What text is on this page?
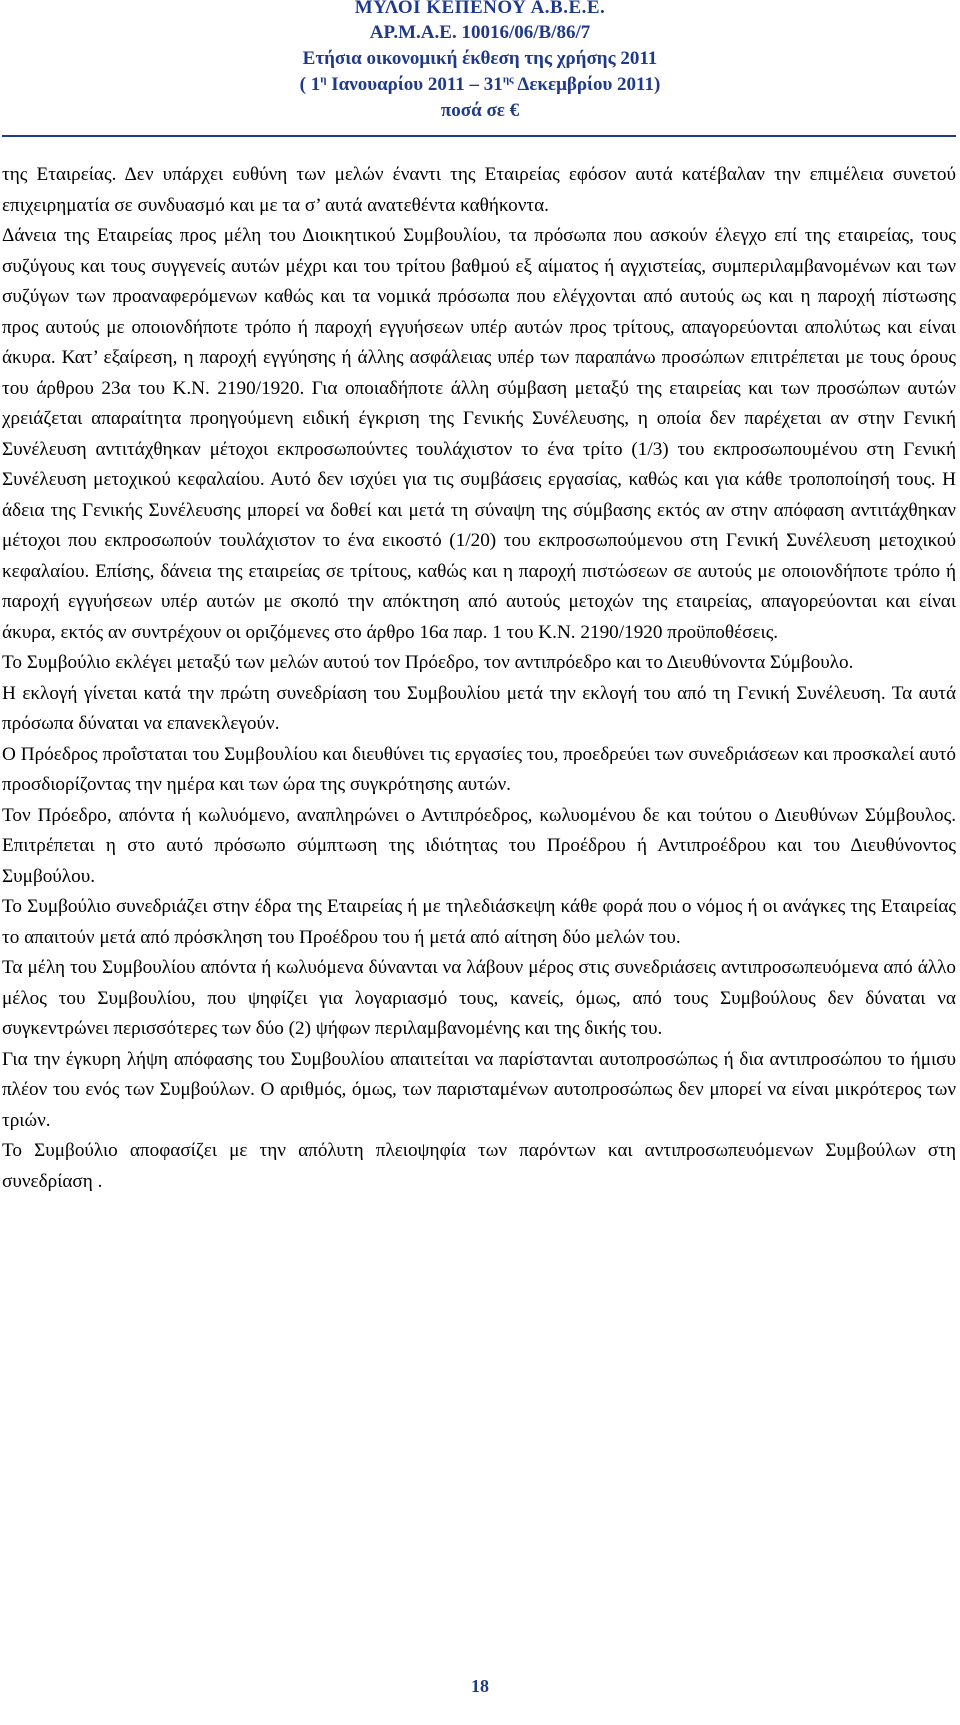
ΜΥΛΟΙ ΚΕΠΕΝΟΥ Α.Β.Ε.Ε.
ΑΡ.Μ.Α.Ε. 10016/06/Β/86/7
Ετήσια οικονομική έκθεση της χρήσης 2011
( $1^\eta$ Ιανουαρίου $2011 - 31^{\eta\varsigma}$ Δεκεμβρίου 2011)
ποσά σε €

της Εταιρείας. Δεν υπάρχει ευθύνη των μελών έναντι της Εταιρείας εφόσον αυτά κατέβαλαν την επιμέλεια συνετού επιχειρηματία σε συνδυασμό και με τα σ’ αυτά ανατεθέντα καθήκοντα.

Δάνεια της Εταιρείας προς μέλη του Διοικητικού Συμβουλίου, τα πρόσωπα που ασκούν έλεγχο επί της εταιρείας, τους συζύγους και τους συγγενείς αυτών μέχρι και του τρίτου βαθμού εξ αίματος ή αγχιστείας, συμπεριλαμβανομένων και των συζύγων των προαναφερόμενων καθώς και τα νομικά πρόσωπα που ελέγχονται από αυτούς ως και η παροχή πίστωσης προς αυτούς με οποιονδήποτε τρόπο ή παροχή εγγυήσεων υπέρ αυτών προς τρίτους, απαγορεύονται απολύτως και είναι άκυρα. Κατ’ εξαίρεση, η παροχή εγγύησης ή άλλης ασφάλειας υπέρ των παραπάνω προσώπων επιτρέπεται με τους όρους του άρθρου 23α του Κ.Ν. 2190/1920. Για οποιαδήποτε άλλη σύμβαση μεταξύ της εταιρείας και των προσώπων αυτών χρειάζεται απαραίτητα προηγούμενη ειδική έγκριση της Γενικής Συνέλευσης, η οποία δεν παρέχεται αν στην Γενική Συνέλευση αντιτάχθηκαν μέτοχοι εκπροσωπούντες τουλάχιστον το ένα τρίτο (1/3) του εκπροσωπουμένου στη Γενική Συνέλευση μετοχικού κεφαλαίου. Αυτό δεν ισχύει για τις συμβάσεις εργασίας, καθώς και για κάθε τροποποίησή τους. Η άδεια της Γενικής Συνέλευσης μπορεί να δοθεί και μετά τη σύναψη της σύμβασης εκτός αν στην απόφαση αντιτάχθηκαν μέτοχοι που εκπροσωπούν τουλάχιστον το ένα εικοστό (1/20) του εκπροσωπούμενου στη Γενική Συνέλευση μετοχικού κεφαλαίου. Επίσης, δάνεια της εταιρείας σε τρίτους, καθώς και η παροχή πιστώσεων σε αυτούς με οποιονδήποτε τρόπο ή παροχή εγγυήσεων υπέρ αυτών με σκοπό την απόκτηση από αυτούς μετοχών της εταιρείας, απαγορεύονται και είναι άκυρα, εκτός αν συντρέχουν οι οριζόμενες στο άρθρο 16α παρ. 1 του Κ.Ν. 2190/1920 προϋποθέσεις.

Το Συμβούλιο εκλέγει μεταξύ των μελών αυτού τον Πρόεδρο, τον αντιπρόεδρο και το Διευθύνοντα Σύμβουλο.

Η εκλογή γίνεται κατά την πρώτη συνεδρίαση του Συμβουλίου μετά την εκλογή του από τη Γενική Συνέλευση. Τα αυτά πρόσωπα δύναται να επανεκλεγούν.

Ο Πρόεδρος προΐσταται του Συμβουλίου και διευθύνει τις εργασίες του, προεδρεύει των συνεδριάσεων και προσκαλεί αυτό προσδιορίζοντας την ημέρα και των ώρα της συγκρότησης αυτών.

Τον Πρόεδρο, απόντα ή κωλυόμενο, αναπληρώνει ο Αντιπρόεδρος, κωλυομένου δε και τούτου ο Διευθύνων Σύμβουλος. Επιτρέπεται η στο αυτό πρόσωπο σύμπτωση της ιδιότητας του Προέδρου ή Αντιπροέδρου και του Διευθύνοντος Συμβούλου.

Το Συμβούλιο συνεδριάζει στην έδρα της Εταιρείας ή με τηλεδιάσκεψη κάθε φορά που ο νόμος ή οι ανάγκες της Εταιρείας το απαιτούν μετά από πρόσκληση του Προέδρου του ή μετά από αίτηση δύο μελών του.

Τα μέλη του Συμβουλίου απόντα ή κωλυόμενα δύνανται να λάβουν μέρος στις συνεδριάσεις αντιπροσωπευόμενα από άλλο μέλος του Συμβουλίου, που ψηφίζει για λογαριασμό τους, κανείς, όμως, από τους Συμβούλους δεν δύναται να συγκεντρώνει περισσότερες των δύο (2) ψήφων περιλαμβανομένης και της δικής του.

Για την έγκυρη λήψη απόφασης του Συμβουλίου απαιτείται να παρίστανται αυτοπροσώπως ή δια αντιπροσώπου το ήμισυ πλέον του ενός των Συμβούλων. Ο αριθμός, όμως, των παρισταμένων αυτοπροσώπως δεν μπορεί να είναι μικρότερος των τριών.

Το Συμβούλιο αποφασίζει με την απόλυτη πλειοψηφία των παρόντων και αντιπροσωπευόμενων Συμβούλων στη συνεδρίαση .

18
